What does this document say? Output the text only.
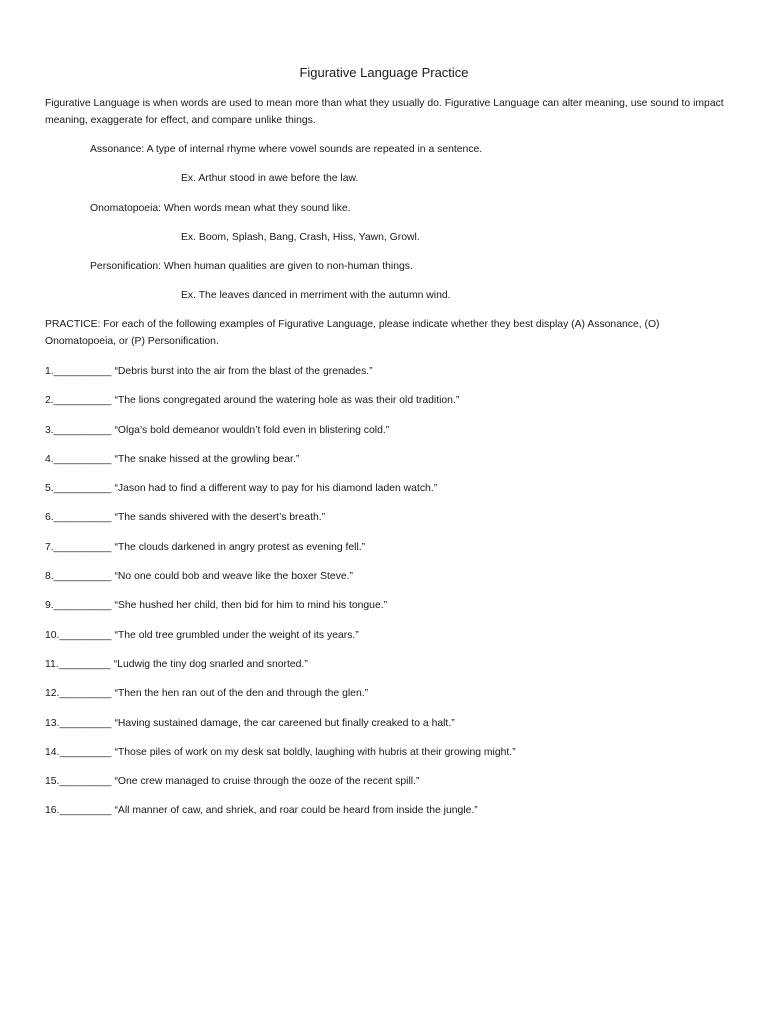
Figurative Language Practice

Figurative Language is when words are used to mean more than what they usually do. Figurative Language can alter meaning, use sound to impact meaning, exaggerate for effect, and compare unlike things.

Assonance: A type of internal rhyme where vowel sounds are repeated in a sentence.

Ex. Arthur stood in awe before the law.

Onomatopoeia: When words mean what they sound like.

Ex. Boom, Splash, Bang, Crash, Hiss, Yawn, Growl.

Personification: When human qualities are given to non-human things.

Ex. The leaves danced in merriment with the autumn wind.

PRACTICE: For each of the following examples of Figurative Language, please indicate whether they best display (A) Assonance, (O) Onomatopoeia, or (P) Personification.

1.__________ “Debris burst into the air from the blast of the grenades.”
2.__________ “The lions congregated around the watering hole as was their old tradition.”
3.__________ “Olga’s bold demeanor wouldn’t fold even in blistering cold.”
4.__________ “The snake hissed at the growling bear.”
5.__________ “Jason had to find a different way to pay for his diamond laden watch.”
6.__________ “The sands shivered with the desert’s breath.”
7.__________ “The clouds darkened in angry protest as evening fell.”
8.__________ “No one could bob and weave like the boxer Steve.”
9.__________ “She hushed her child, then bid for him to mind his tongue.”
10._________ “The old tree grumbled under the weight of its years.”
11._________ “Ludwig the tiny dog snarled and snorted.”
12._________ “Then the hen ran out of the den and through the glen.”
13._________ “Having sustained damage, the car careened but finally creaked to a halt.”
14._________ “Those piles of work on my desk sat boldly, laughing with hubris at their growing might.”
15._________ “One crew managed to cruise through the ooze of the recent spill.”
16._________ “All manner of caw, and shriek, and roar could be heard from inside the jungle.”
